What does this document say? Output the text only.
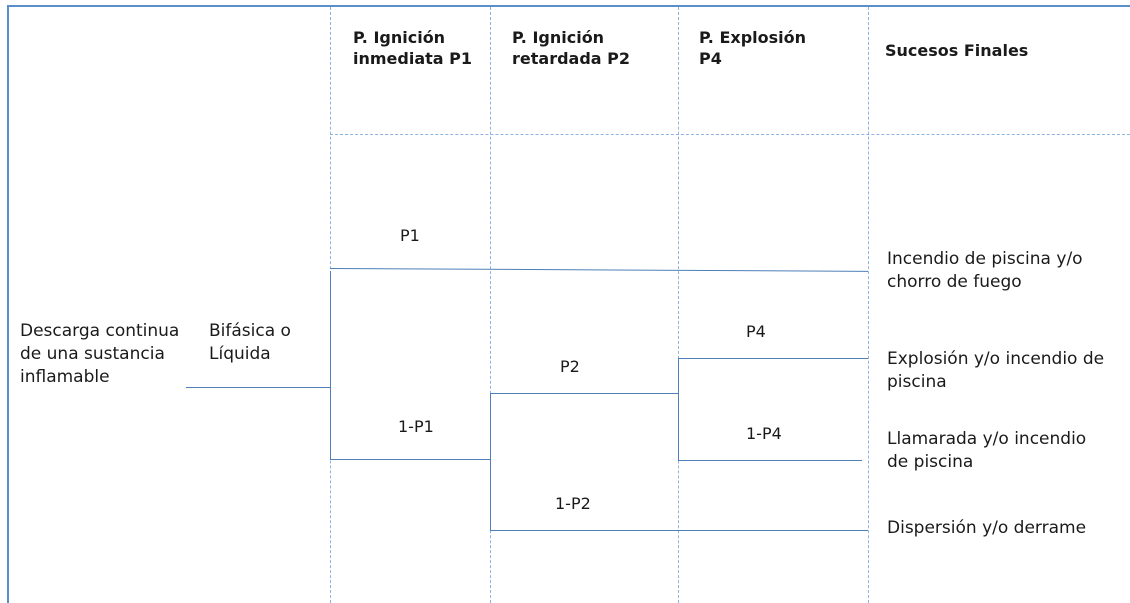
P. Ignición inmediata P1
P. Ignición retardada P2
P. Explosión P4	Sucesos Finales
Descarga continua de una sustancia inflamable
Bifásica o Líquida
P1
1-P1
P2
1-P2
P4
1-P4
Incendio de piscina y/o chorro de fuego
Explosión y/o incendio de piscina
Llamarada y/o incendio de piscina
Dispersión y/o derrame
